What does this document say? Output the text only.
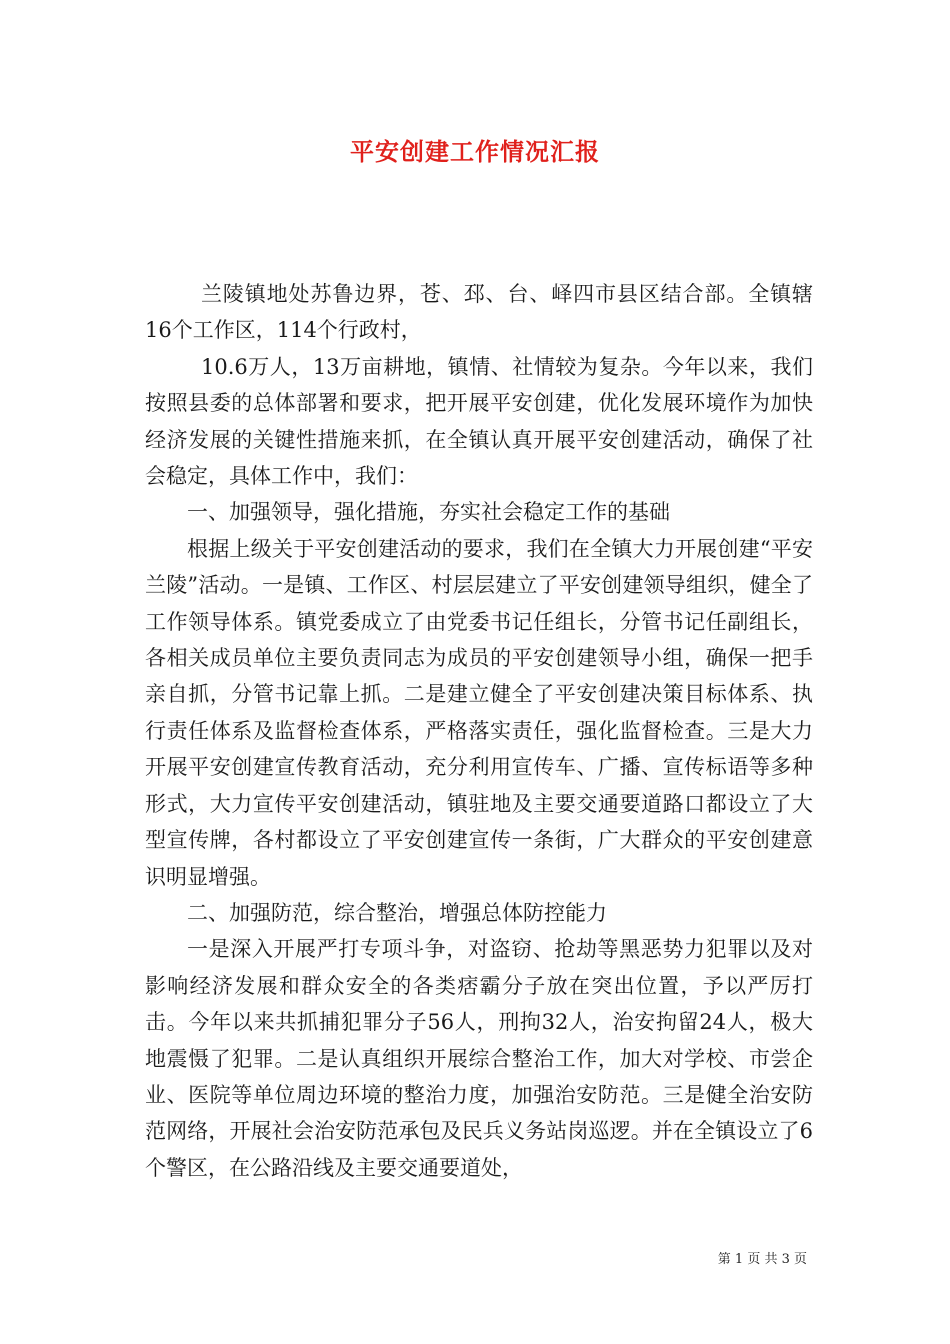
平安创建工作情况汇报

兰陵镇地处苏鲁边界，苍、邳、台、峄四市县区结合部。全镇辖16个工作区，114个行政村，

10.6万人，13万亩耕地，镇情、社情较为复杂。今年以来，我们按照县委的总体部署和要求，把开展平安创建，优化发展环境作为加快经济发展的关键性措施来抓，在全镇认真开展平安创建活动，确保了社会稳定，具体工作中，我们：

一、加强领导，强化措施，夯实社会稳定工作的基础

根据上级关于平安创建活动的要求，我们在全镇大力开展创建“平安兰陵”活动。一是镇、工作区、村层层建立了平安创建领导组织，健全了工作领导体系。镇党委成立了由党委书记任组长，分管书记任副组长，各相关成员单位主要负责同志为成员的平安创建领导小组，确保一把手亲自抓，分管书记靠上抓。二是建立健全了平安创建决策目标体系、执行责任体系及监督检查体系，严格落实责任，强化监督检查。三是大力开展平安创建宣传教育活动，充分利用宣传车、广播、宣传标语等多种形式，大力宣传平安创建活动，镇驻地及主要交通要道路口都设立了大型宣传牌，各村都设立了平安创建宣传一条街，广大群众的平安创建意识明显增强。

二、加强防范，综合整治，增强总体防控能力

一是深入开展严打专项斗争，对盗窃、抢劫等黑恶势力犯罪以及对影响经济发展和群众安全的各类痞霸分子放在突出位置，予以严厉打击。今年以来共抓捕犯罪分子56人，刑拘32人，治安拘留24人，极大地震慑了犯罪。二是认真组织开展综合整治工作，加大对学校、市尝企业、医院等单位周边环境的整治力度，加强治安防范。三是健全治安防范网络，开展社会治安防范承包及民兵义务站岗巡逻。并在全镇设立了6个警区，在公路沿线及主要交通要道处，

第 1 页 共 3 页
